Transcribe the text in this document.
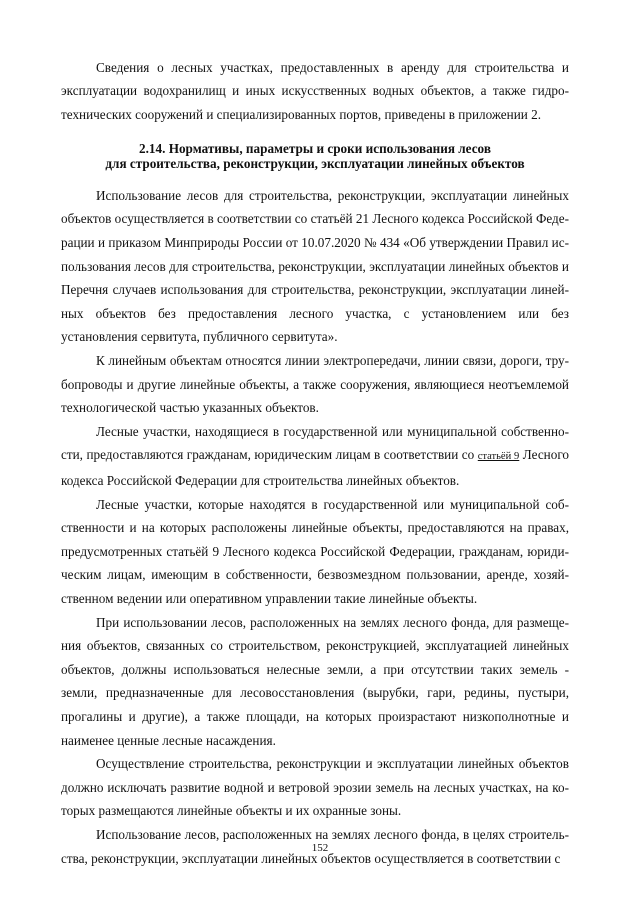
Сведения о лесных участках, предоставленных в аренду для строительства и эксплуатации водохранилищ и иных искусственных водных объектов, а также гидро- технических сооружений и специализированных портов, приведены в приложении 2.

2.14. Нормативы, параметры и сроки использования лесов
для строительства, реконструкции, эксплуатации линейных объектов

Использование лесов для строительства, реконструкции, эксплуатации линейных объектов осуществляется в соответствии со статьёй 21 Лесного кодекса Российской Феде- рации и приказом Минприроды России от 10.07.2020 № 434 «Об утверждении Правил ис- пользования лесов для строительства, реконструкции, эксплуатации линейных объектов и Перечня случаев использования для строительства, реконструкции, эксплуатации линей- ных объектов без предоставления лесного участка, с установлением или без установления сервитута, публичного сервитута».

К линейным объектам относятся линии электропередачи, линии связи, дороги, тру- бопроводы и другие линейные объекты, а также сооружения, являющиеся неотъемлемой технологической частью указанных объектов.

Лесные участки, находящиеся в государственной или муниципальной собственно- сти, предоставляются гражданам, юридическим лицам в соответствии со статьёй 9 Лесного кодекса Российской Федерации для строительства линейных объектов.

Лесные участки, которые находятся в государственной или муниципальной соб- ственности и на которых расположены линейные объекты, предоставляются на правах, предусмотренных статьёй 9 Лесного кодекса Российской Федерации, гражданам, юриди- ческим лицам, имеющим в собственности, безвозмездном пользовании, аренде, хозяй- ственном ведении или оперативном управлении такие линейные объекты.

При использовании лесов, расположенных на землях лесного фонда, для размеще- ния объектов, связанных со строительством, реконструкцией, эксплуатацией линейных объектов, должны использоваться нелесные земли, а при отсутствии таких земель - земли, предназначенные для лесовосстановления (вырубки, гари, редины, пустыри, прогалины и другие), а также площади, на которых произрастают низкополнотные и наименее ценные лесные насаждения.

Осуществление строительства, реконструкции и эксплуатации линейных объектов должно исключать развитие водной и ветровой эрозии земель на лесных участках, на ко- торых размещаются линейные объекты и их охранные зоны.

Использование лесов, расположенных на землях лесного фонда, в целях строитель- ства, реконструкции, эксплуатации линейных объектов осуществляется в соответствии с

152
